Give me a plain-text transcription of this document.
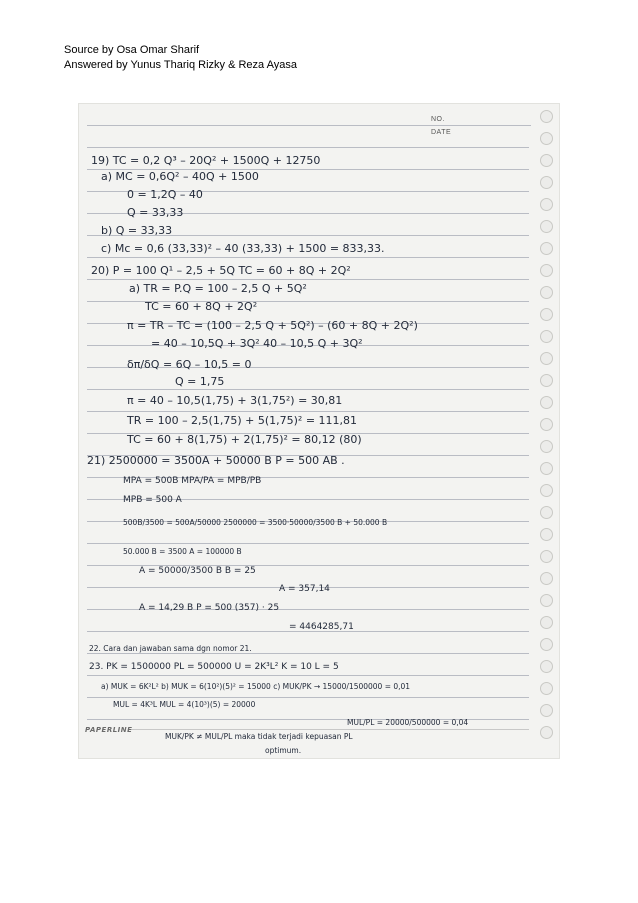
Source by Osa Omar Sharif
Answered by Yunus Thariq Rizky & Reza Ayasa
NO.
DATE
19) TC = 0,2 Q³ – 20Q² + 1500Q + 12750
a) MC = 0,6Q² – 40Q + 1500
0 = 1,2Q – 40
Q = 33,33
b) Q = 33,33
c) Mc = 0,6 (33,33)² – 40 (33,33) + 1500 = 833,33.
20) P = 100 Q¹ – 2,5 + 5Q TC = 60 + 8Q + 2Q²
a) TR = P.Q = 100 – 2,5 Q + 5Q²
TC = 60 + 8Q + 2Q²
π = TR – TC = (100 – 2,5 Q + 5Q²) – (60 + 8Q + 2Q²)
= 40 – 10,5Q + 3Q² 40 – 10,5 Q + 3Q²
δπ/δQ = 6Q – 10,5 = 0
Q = 1,75
π = 40 – 10,5(1,75) + 3(1,75²) = 30,81
TR = 100 – 2,5(1,75) + 5(1,75)² = 111,81
TC = 60 + 8(1,75) + 2(1,75)² = 80,12 (80)
21) 2500000 = 3500A + 50000 B P = 500 AB .
MPA = 500B MPA/PA = MPB/PB
MPB = 500 A
500B/3500 = 500A/50000 2500000 = 3500·50000/3500 B + 50.000 B
50.000 B = 3500 A = 100000 B
A = 50000/3500 B B = 25
A = 357,14
A = 14,29 B P = 500 (357) · 25
= 4464285,71
22. Cara dan jawaban sama dgn nomor 21.
23. PK = 1500000 PL = 500000 U = 2K³L² K = 10 L = 5
a) MUK = 6K²L² b) MUK = 6(10²)(5)² = 15000 c) MUK/PK → 15000/1500000 = 0,01
MUL = 4K³L MUL = 4(10³)(5) = 20000
MUL/PL = 20000/500000 = 0,04
MUK/PK ≠ MUL/PL maka tidak terjadi kepuasan PL
optimum.
PAPERLINE
